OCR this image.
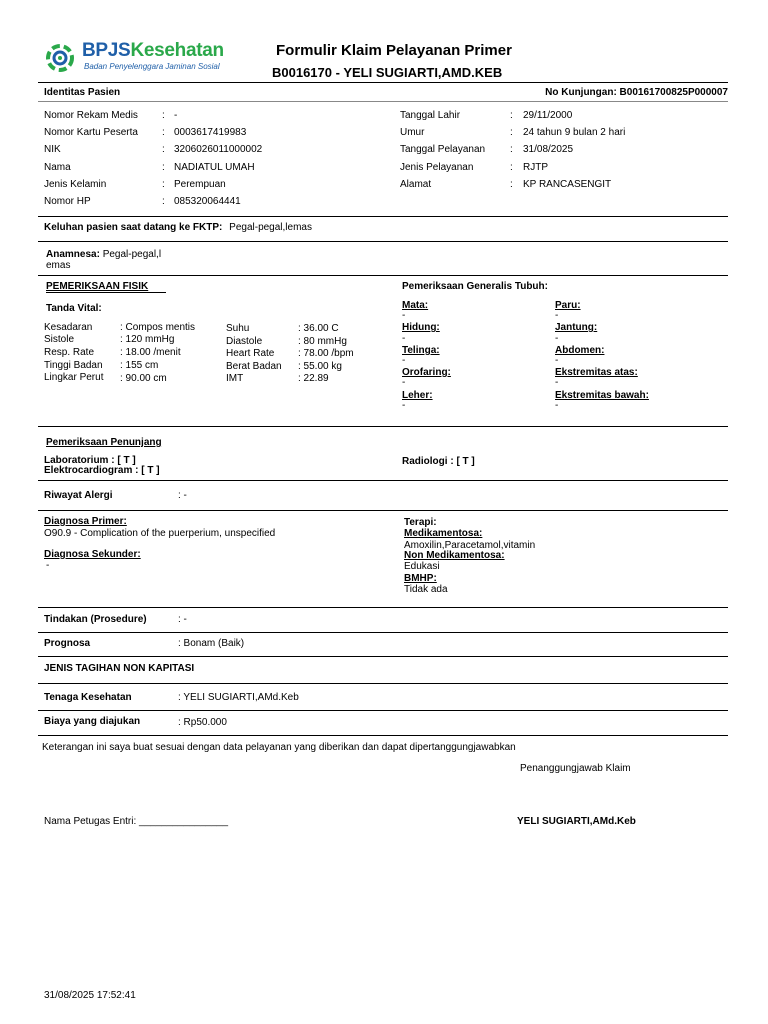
BPJSKesehatan
Badan Penyelenggara Jaminan Sosial
Formulir Klaim Pelayanan Primer
B0016170 - YELI SUGIARTI,AMD.KEB
Identitas Pasien	No Kunjungan: B00161700825P000007
Nomor Rekam Medis : -
Nomor Kartu Peserta : 0003617419983
NIK	: 3206026011000002
Nama	: NADIATUL UMAH
Jenis Kelamin	: Perempuan
Nomor HP	: 085320064441
Tanggal Lahir	: 29/11/2000
Umur	: 24 tahun 9 bulan 2 hari
Tanggal Pelayanan : 31/08/2025
Jenis Pelayanan	: RJTP
Alamat	: KP RANCASENGIT
Keluhan pasien saat datang ke FKTP: Pegal-pegal,lemas
Anamnesa: Pegal-pegal,l
emas
PEMERIKSAAN FISIK
Tanda Vital:
Kesadaran	: Compos mentis
Sistole	: 120 mmHg
Resp. Rate	: 18.00 /menit
Tinggi Badan : 155 cm
Lingkar Perut : 90.00 cm
Suhu	: 36.00 C
Diastole	: 80 mmHg
Heart Rate : 78.00 /bpm
Berat Badan : 55.00 kg
IMT	: 22.89
Pemeriksaan Generalis Tubuh:
Mata:
-
Hidung:
-
Telinga:
-
Orofaring:
-
Leher:
-
Paru:
-
Jantung:
-
Abdomen:
-
Ekstremitas atas:
-
Ekstremitas bawah:
-
Pemeriksaan Penunjang
Laboratorium : [ T ]
Elektrocardiogram : [ T ]
Radiologi : [ T ]
Riwayat Alergi	: -
Diagnosa Primer:
O90.9 - Complication of the puerperium, unspecified
Diagnosa Sekunder:
-
Terapi:
Medikamentosa:
Amoxilin,Paracetamol,vitamin
Non Medikamentosa:
Edukasi
BMHP:
Tidak ada
Tindakan (Prosedure)	: -
Prognosa	: Bonam (Baik)
JENIS TAGIHAN NON KAPITASI
Tenaga Kesehatan	: YELI SUGIARTI,AMd.Keb
Biaya yang diajukan	: Rp50.000
Keterangan ini saya buat sesuai dengan data pelayanan yang diberikan dan dapat dipertanggungjawabkan
Penanggungjawab Klaim
Nama Petugas Entri: ________________	YELI SUGIARTI,AMd.Keb
31/08/2025 17:52:41
